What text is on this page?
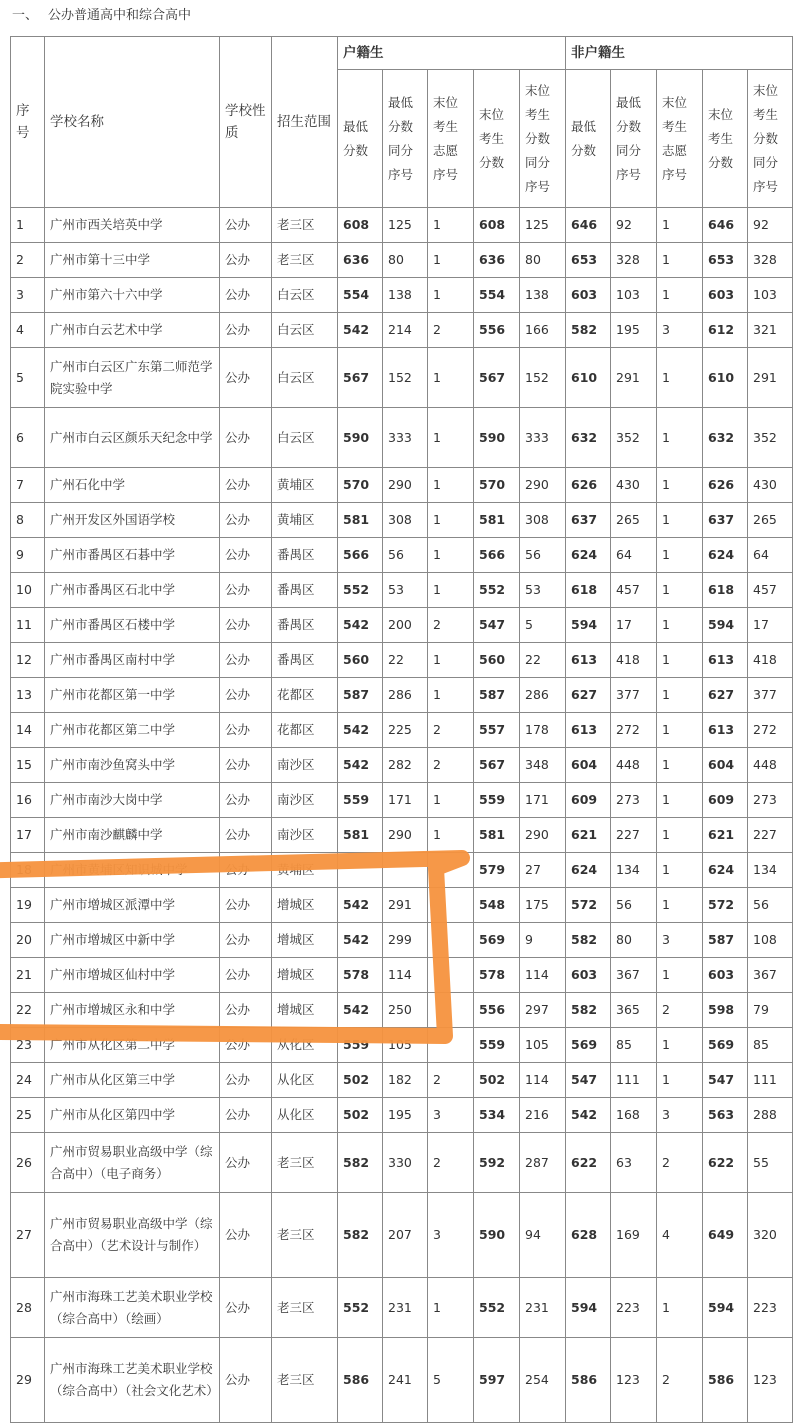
一、 公办普通高中和综合高中
序号	学校名称	学校性质	招生范围	户籍生					非户籍生				
				最低分数	最低分数同分序号	末位考生志愿序号	末位考生分数	末位考生分数同分序号	最低分数	最低分数同分序号	末位考生志愿序号	末位考生分数	末位考生分数同分序号
1	广州市西关培英中学	公办	老三区	608	125	1	608	125	646	92	1	646	92
2	广州市第十三中学	公办	老三区	636	80	1	636	80	653	328	1	653	328
3	广州市第六十六中学	公办	白云区	554	138	1	554	138	603	103	1	603	103
4	广州市白云艺术中学	公办	白云区	542	214	2	556	166	582	195	3	612	321
5	广州市白云区广东第二师范学院实验中学	公办	白云区	567	152	1	567	152	610	291	1	610	291
6	广州市白云区颜乐天纪念中学	公办	白云区	590	333	1	590	333	632	352	1	632	352
7	广州石化中学	公办	黄埔区	570	290	1	570	290	626	430	1	626	430
8	广州开发区外国语学校	公办	黄埔区	581	308	1	581	308	637	265	1	637	265
9	广州市番禺区石碁中学	公办	番禺区	566	56	1	566	56	624	64	1	624	64
10	广州市番禺区石北中学	公办	番禺区	552	53	1	552	53	618	457	1	618	457
11	广州市番禺区石楼中学	公办	番禺区	542	200	2	547	5	594	17	1	594	17
12	广州市番禺区南村中学	公办	番禺区	560	22	1	560	22	613	418	1	613	418
13	广州市花都区第一中学	公办	花都区	587	286	1	587	286	627	377	1	627	377
14	广州市花都区第二中学	公办	花都区	542	225	2	557	178	613	272	1	613	272
15	广州市南沙鱼窝头中学	公办	南沙区	542	282	2	567	348	604	448	1	604	448
16	广州市南沙大岗中学	公办	南沙区	559	171	1	559	171	609	273	1	609	273
17	广州市南沙麒麟中学	公办	南沙区	581	290	1	581	290	621	227	1	621	227
18	广州市黄埔区知识城中学	公办	黄埔区				579	27	624	134	1	624	134
19	广州市增城区派潭中学	公办	增城区	542	291		548	175	572	56	1	572	56
20	广州市增城区中新中学	公办	增城区	542	299		569	9	582	80	3	587	108
21	广州市增城区仙村中学	公办	增城区	578	114		578	114	603	367	1	603	367
22	广州市增城区永和中学	公办	增城区	542	250		556	297	582	365	2	598	79
23	广州市从化区第二中学	公办	从化区	559	105		559	105	569	85	1	569	85
24	广州市从化区第三中学	公办	从化区	502	182	2	502	114	547	111	1	547	111
25	广州市从化区第四中学	公办	从化区	502	195	3	534	216	542	168	3	563	288
26	广州市贸易职业高级中学（综合高中）（电子商务）	公办	老三区	582	330	2	592	287	622	63	2	622	55
27	广州市贸易职业高级中学（综合高中）（艺术设计与制作）	公办	老三区	582	207	3	590	94	628	169	4	649	320
28	广州市海珠工艺美术职业学校（综合高中）（绘画）	公办	老三区	552	231	1	552	231	594	223	1	594	223
29	广州市海珠工艺美术职业学校（综合高中）（社会文化艺术）	公办	老三区	586	241	5	597	254	586	123	2	586	123
